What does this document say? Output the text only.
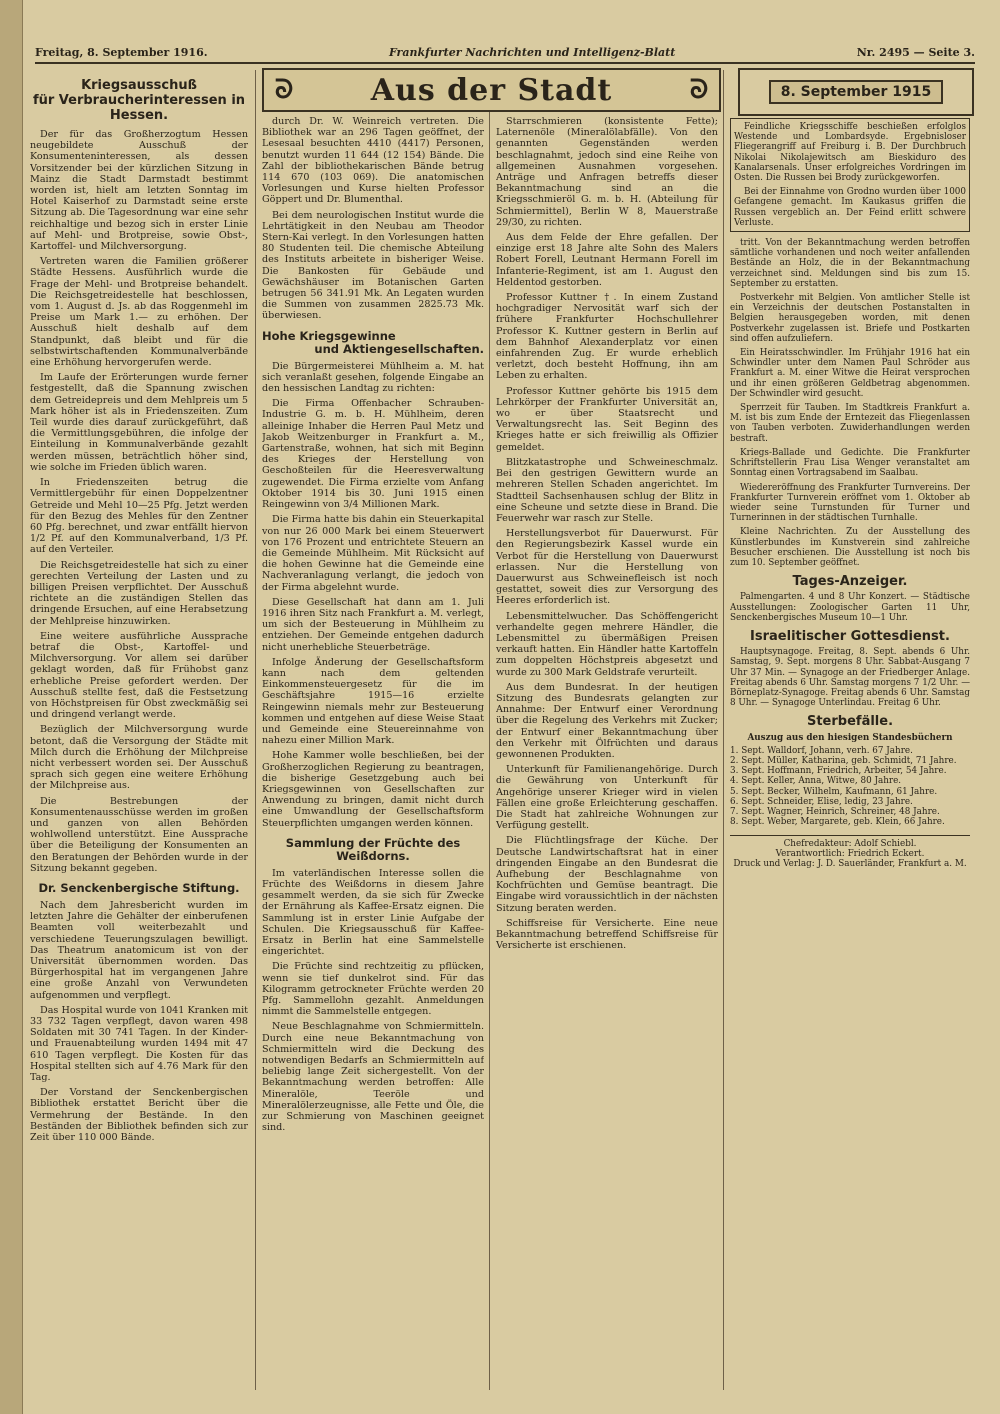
Freitag, 8. September 1916.	Frankfurter Nachrichten und Intelligenz-Blatt	Nr. 2495 — Seite 3.
ᘐ	Aus der Stadt	ᘐ	8. September 1915
Kriegsausschuß
für Verbraucherinteressen in Hessen.

Der für das Großherzogtum Hessen neugebildete Ausschuß der Konsumenteninteressen, als dessen Vorsitzender bei der kürzlichen Sitzung in Mainz die Stadt Darmstadt bestimmt worden ist, hielt am letzten Sonntag im Hotel Kaiserhof zu Darmstadt seine erste Sitzung ab. Die Tagesordnung war eine sehr reichhaltige und bezog sich in erster Linie auf Mehl- und Brotpreise, sowie Obst-, Kartoffel- und Milchversorgung.

Vertreten waren die Familien größerer Städte Hessens. Ausführlich wurde die Frage der Mehl- und Brotpreise behandelt. Die Reichsgetreidestelle hat beschlossen, vom 1. August d. Js. ab das Roggenmehl im Preise um Mark 1.— zu erhöhen. Der Ausschuß hielt deshalb auf dem Standpunkt, daß bleibt und für die selbstwirtschaftenden Kommunalverbände eine Erhöhung hervorgerufen werde.

Im Laufe der Erörterungen wurde ferner festgestellt, daß die Spannung zwischen dem Getreidepreis und dem Mehlpreis um 5 Mark höher ist als in Friedenszeiten. Zum Teil wurde dies darauf zurückgeführt, daß die Vermittlungsgebühren, die infolge der Einteilung in Kommunalverbände gezahlt werden müssen, beträchtlich höher sind, wie solche im Frieden üblich waren.

In Friedenszeiten betrug die Vermittlergebühr für einen Doppelzentner Getreide und Mehl 10—25 Pfg. Jetzt werden für den Bezug des Mehles für den Zentner 60 Pfg. berechnet, und zwar entfällt hiervon 1/2 Pf. auf den Kommunalverband, 1/3 Pf. auf den Verteiler.

Die Reichsgetreidestelle hat sich zu einer gerechten Verteilung der Lasten und zu billigen Preisen verpflichtet. Der Ausschuß richtete an die zuständigen Stellen das dringende Ersuchen, auf eine Herabsetzung der Mehlpreise hinzuwirken.

Eine weitere ausführliche Aussprache betraf die Obst-, Kartoffel- und Milchversorgung. Vor allem sei darüber geklagt worden, daß für Frühobst ganz erhebliche Preise gefordert werden. Der Ausschuß stellte fest, daß die Festsetzung von Höchstpreisen für Obst zweckmäßig sei und dringend verlangt werde.

Bezüglich der Milchversorgung wurde betont, daß die Versorgung der Städte mit Milch durch die Erhöhung der Milchpreise nicht verbessert worden sei. Der Ausschuß sprach sich gegen eine weitere Erhöhung der Milchpreise aus.

Die Bestrebungen der Konsumentenausschüsse werden im großen und ganzen von allen Behörden wohlwollend unterstützt. Eine Aussprache über die Beteiligung der Konsumenten an den Beratungen der Behörden wurde in der Sitzung bekannt gegeben.

Dr. Senckenbergische Stiftung.

Nach dem Jahresbericht wurden im letzten Jahre die Gehälter der einberufenen Beamten voll weiterbezahlt und verschiedene Teuerungszulagen bewilligt. Das Theatrum anatomicum ist von der Universität übernommen worden. Das Bürgerhospital hat im vergangenen Jahre eine große Anzahl von Verwundeten aufgenommen und verpflegt.

Das Hospital wurde von 1041 Kranken mit 33 732 Tagen verpflegt, davon waren 498 Soldaten mit 30 741 Tagen. In der Kinder- und Frauenabteilung wurden 1494 mit 47 610 Tagen verpflegt. Die Kosten für das Hospital stellten sich auf 4.76 Mark für den Tag.

Der Vorstand der Senckenbergischen Bibliothek erstattet Bericht über die Vermehrung der Bestände. In den Beständen der Bibliothek befinden sich zur Zeit über 110 000 Bände.

durch Dr. W. Weinreich vertreten. Die Bibliothek war an 296 Tagen geöffnet, der Lesesaal besuchten 4410 (4417) Personen, benutzt wurden 11 644 (12 154) Bände. Die Zahl der bibliothekarischen Bände betrug 114 670 (103 069). Die anatomischen Vorlesungen und Kurse hielten Professor Göppert und Dr. Blumenthal.

Bei dem neurologischen Institut wurde die Lehrtätigkeit in den Neubau am Theodor Stern-Kai verlegt. In den Vorlesungen hatten 80 Studenten teil. Die chemische Abteilung des Instituts arbeitete in bisheriger Weise. Die Bankosten für Gebäude und Gewächshäuser im Botanischen Garten betrugen 56 341.91 Mk. An Legaten wurden die Summen von zusammen 2825.73 Mk. überwiesen.

Hohe Kriegsgewinne
und Aktiengesellschaften.

Die Bürgermeisterei Mühlheim a. M. hat sich veranlaßt gesehen, folgende Eingabe an den hessischen Landtag zu richten:

Die Firma Offenbacher Schrauben-Industrie G. m. b. H. Mühlheim, deren alleinige Inhaber die Herren Paul Metz und Jakob Weitzenburger in Frankfurt a. M., Gartenstraße, wohnen, hat sich mit Beginn des Krieges der Herstellung von Geschoßteilen für die Heeresverwaltung zugewendet. Die Firma erzielte vom Anfang Oktober 1914 bis 30. Juni 1915 einen Reingewinn von 3/4 Millionen Mark.

Die Firma hatte bis dahin ein Steuerkapital von nur 26 000 Mark bei einem Steuerwert von 176 Prozent und entrichtete Steuern an die Gemeinde Mühlheim. Mit Rücksicht auf die hohen Gewinne hat die Gemeinde eine Nachveranlagung verlangt, die jedoch von der Firma abgelehnt wurde.

Diese Gesellschaft hat dann am 1. Juli 1916 ihren Sitz nach Frankfurt a. M. verlegt, um sich der Besteuerung in Mühlheim zu entziehen. Der Gemeinde entgehen dadurch nicht unerhebliche Steuerbeträge.

Infolge Änderung der Gesellschaftsform kann nach dem geltenden Einkommensteuergesetz für die im Geschäftsjahre 1915—16 erzielte Reingewinn niemals mehr zur Besteuerung kommen und entgehen auf diese Weise Staat und Gemeinde eine Steuereinnahme von nahezu einer Million Mark.

Hohe Kammer wolle beschließen, bei der Großherzoglichen Regierung zu beantragen, die bisherige Gesetzgebung auch bei Kriegsgewinnen von Gesellschaften zur Anwendung zu bringen, damit nicht durch eine Umwandlung der Gesellschaftsform Steuerpflichten umgangen werden können.

Sammlung der Früchte des Weißdorns.

Im vaterländischen Interesse sollen die Früchte des Weißdorns in diesem Jahre gesammelt werden, da sie sich für Zwecke der Ernährung als Kaffee-Ersatz eignen. Die Sammlung ist in erster Linie Aufgabe der Schulen. Die Kriegsausschuß für Kaffee-Ersatz in Berlin hat eine Sammelstelle eingerichtet.

Die Früchte sind rechtzeitig zu pflücken, wenn sie tief dunkelrot sind. Für das Kilogramm getrockneter Früchte werden 20 Pfg. Sammellohn gezahlt. Anmeldungen nimmt die Sammelstelle entgegen.

Neue Beschlagnahme von Schmiermitteln. Durch eine neue Bekanntmachung von Schmiermitteln wird die Deckung des notwendigen Bedarfs an Schmiermitteln auf beliebig lange Zeit sichergestellt. Von der Bekanntmachung werden betroffen: Alle Mineralöle, Teeröle und Mineralölerzeugnisse, alle Fette und Öle, die zur Schmierung von Maschinen geeignet sind.

Starrschmieren (konsistente Fette); Laternenöle (Mineralölabfälle). Von den genannten Gegenständen werden beschlagnahmt, jedoch sind eine Reihe von allgemeinen Ausnahmen vorgesehen. Anträge und Anfragen betreffs dieser Bekanntmachung sind an die Kriegsschmieröl G. m. b. H. (Abteilung für Schmiermittel), Berlin W 8, Mauerstraße 29/30, zu richten.

Aus dem Felde der Ehre gefallen. Der einzige erst 18 Jahre alte Sohn des Malers Robert Forell, Leutnant Hermann Forell im Infanterie-Regiment, ist am 1. August den Heldentod gestorben.

Professor Kuttner †. In einem Zustand hochgradiger Nervosität warf sich der frühere Frankfurter Hochschullehrer Professor K. Kuttner gestern in Berlin auf dem Bahnhof Alexanderplatz vor einen einfahrenden Zug. Er wurde erheblich verletzt, doch besteht Hoffnung, ihn am Leben zu erhalten.

Professor Kuttner gehörte bis 1915 dem Lehrkörper der Frankfurter Universität an, wo er über Staatsrecht und Verwaltungsrecht las. Seit Beginn des Krieges hatte er sich freiwillig als Offizier gemeldet.

Blitzkatastrophe und Schweineschmalz. Bei den gestrigen Gewittern wurde an mehreren Stellen Schaden angerichtet. Im Stadtteil Sachsenhausen schlug der Blitz in eine Scheune und setzte diese in Brand. Die Feuerwehr war rasch zur Stelle.

Herstellungsverbot für Dauerwurst. Für den Regierungsbezirk Kassel wurde ein Verbot für die Herstellung von Dauerwurst erlassen. Nur die Herstellung von Dauerwurst aus Schweinefleisch ist noch gestattet, soweit dies zur Versorgung des Heeres erforderlich ist.

Lebensmittelwucher. Das Schöffengericht verhandelte gegen mehrere Händler, die Lebensmittel zu übermäßigen Preisen verkauft hatten. Ein Händler hatte Kartoffeln zum doppelten Höchstpreis abgesetzt und wurde zu 300 Mark Geldstrafe verurteilt.

Aus dem Bundesrat. In der heutigen Sitzung des Bundesrats gelangten zur Annahme: Der Entwurf einer Verordnung über die Regelung des Verkehrs mit Zucker; der Entwurf einer Bekanntmachung über den Verkehr mit Ölfrüchten und daraus gewonnenen Produkten.

Unterkunft für Familienangehörige. Durch die Gewährung von Unterkunft für Angehörige unserer Krieger wird in vielen Fällen eine große Erleichterung geschaffen. Die Stadt hat zahlreiche Wohnungen zur Verfügung gestellt.

Die Flüchtlingsfrage der Küche. Der Deutsche Landwirtschaftsrat hat in einer dringenden Eingabe an den Bundesrat die Aufhebung der Beschlagnahme von Kochfrüchten und Gemüse beantragt. Die Eingabe wird voraussichtlich in der nächsten Sitzung beraten werden.

Schiffsreise für Versicherte. Eine neue Bekanntmachung betreffend Schiffsreise für Versicherte ist erschienen.

Feindliche Kriegsschiffe beschießen erfolglos Westende und Lombardsyde. Ergebnisloser Fliegerangriff auf Freiburg i. B. Der Durchbruch Nikolai Nikolajewitsch am Bieskiduro des Kanalarsenals. Unser erfolgreiches Vordringen im Osten. Die Russen bei Brody zurückgeworfen.

Bei der Einnahme von Grodno wurden über 1000 Gefangene gemacht. Im Kaukasus griffen die Russen vergeblich an. Der Feind erlitt schwere Verluste.

tritt. Von der Bekanntmachung werden betroffen sämtliche vorhandenen und noch weiter anfallenden Bestände an Holz, die in der Bekanntmachung verzeichnet sind. Meldungen sind bis zum 15. September zu erstatten.

Postverkehr mit Belgien. Von amtlicher Stelle ist ein Verzeichnis der deutschen Postanstalten in Belgien herausgegeben worden, mit denen Postverkehr zugelassen ist. Briefe und Postkarten sind offen aufzuliefern.

Ein Heiratsschwindler. Im Frühjahr 1916 hat ein Schwindler unter dem Namen Paul Schröder aus Frankfurt a. M. einer Witwe die Heirat versprochen und ihr einen größeren Geldbetrag abgenommen. Der Schwindler wird gesucht.

Sperrzeit für Tauben. Im Stadtkreis Frankfurt a. M. ist bis zum Ende der Erntezeit das Fliegenlassen von Tauben verboten. Zuwiderhandlungen werden bestraft.

Kriegs-Ballade und Gedichte. Die Frankfurter Schriftstellerin Frau Lisa Wenger veranstaltet am Sonntag einen Vortragsabend im Saalbau.

Wiedereröffnung des Frankfurter Turnvereins. Der Frankfurter Turnverein eröffnet vom 1. Oktober ab wieder seine Turnstunden für Turner und Turnerinnen in der städtischen Turnhalle.

Kleine Nachrichten. Zu der Ausstellung des Künstlerbundes im Kunstverein sind zahlreiche Besucher erschienen. Die Ausstellung ist noch bis zum 10. September geöffnet.

Tages-Anzeiger.

Palmengarten. 4 und 8 Uhr Konzert. — Städtische Ausstellungen: Zoologischer Garten 11 Uhr, Senckenbergisches Museum 10—1 Uhr.

Israelitischer Gottesdienst.

Hauptsynagoge. Freitag, 8. Sept. abends 6 Uhr. Samstag, 9. Sept. morgens 8 Uhr. Sabbat-Ausgang 7 Uhr 37 Min. — Synagoge an der Friedberger Anlage. Freitag abends 6 Uhr. Samstag morgens 7 1/2 Uhr. — Börneplatz-Synagoge. Freitag abends 6 Uhr. Samstag 8 Uhr. — Synagoge Unterlindau. Freitag 6 Uhr.

Sterbefälle.
Auszug aus den hiesigen Standesbüchern
1. Sept. Walldorf, Johann, verh. 67 Jahre.
2. Sept. Müller, Katharina, geb. Schmidt, 71 Jahre.
3. Sept. Hoffmann, Friedrich, Arbeiter, 54 Jahre.
4. Sept. Keller, Anna, Witwe, 80 Jahre.
5. Sept. Becker, Wilhelm, Kaufmann, 61 Jahre.
6. Sept. Schneider, Elise, ledig, 23 Jahre.
7. Sept. Wagner, Heinrich, Schreiner, 48 Jahre.
8. Sept. Weber, Margarete, geb. Klein, 66 Jahre.
Chefredakteur: Adolf Schiebl.
Verantwortlich: Friedrich Eckert.
Druck und Verlag: J. D. Sauerländer, Frankfurt a. M.
